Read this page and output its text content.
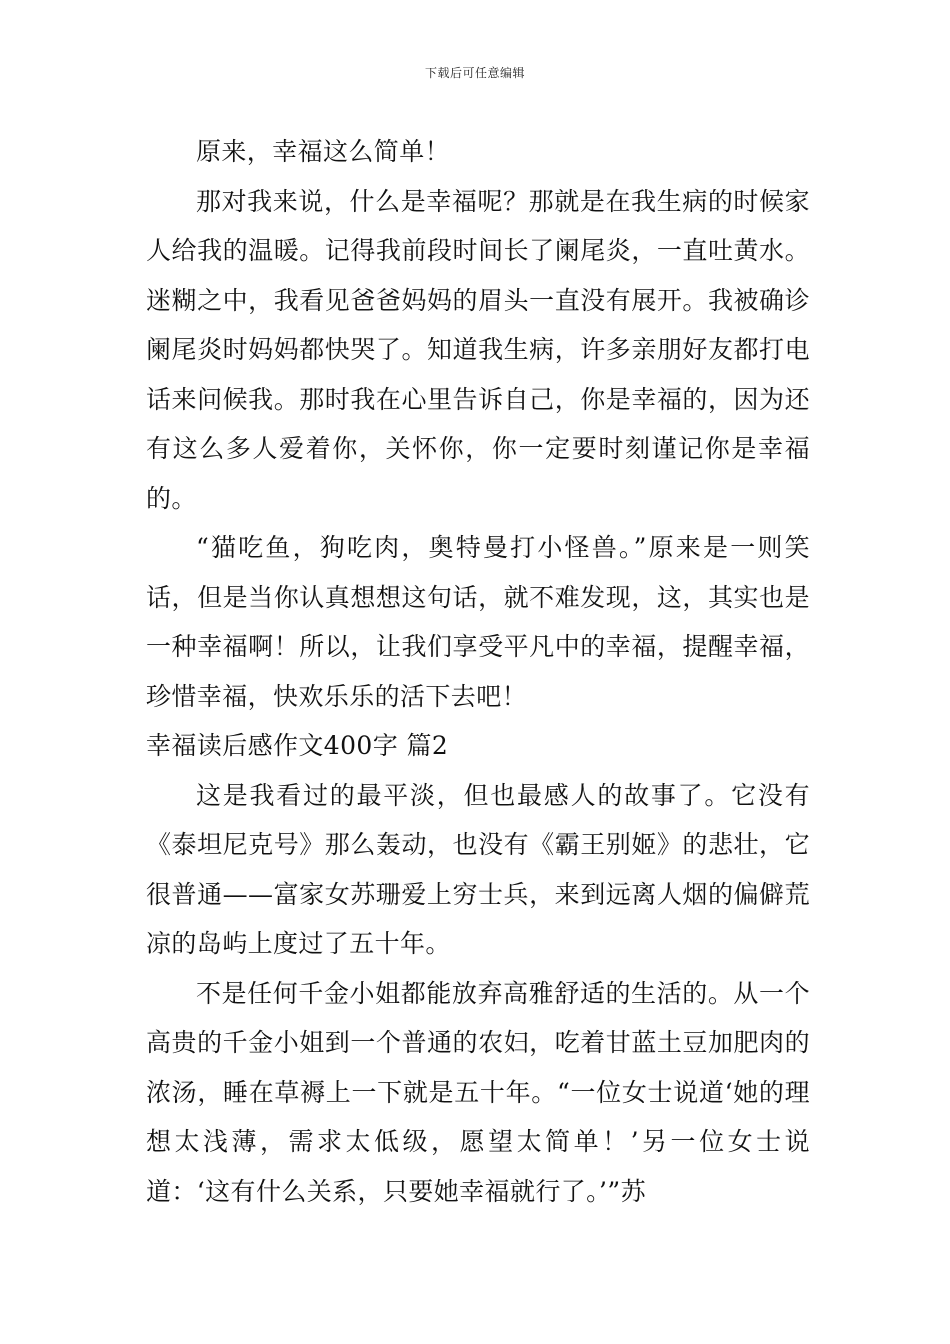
下载后可任意编辑

原来，幸福这么简单！

那对我来说，什么是幸福呢？那就是在我生病的时候家人给我的温暖。记得我前段时间长了阑尾炎，一直吐黄水。迷糊之中，我看见爸爸妈妈的眉头一直没有展开。我被确诊阑尾炎时妈妈都快哭了。知道我生病，许多亲朋好友都打电话来问候我。那时我在心里告诉自己，你是幸福的，因为还有这么多人爱着你，关怀你，你一定要时刻谨记你是幸福的。

“猫吃鱼，狗吃肉，奥特曼打小怪兽。”原来是一则笑话，但是当你认真想想这句话，就不难发现，这，其实也是一种幸福啊！所以，让我们享受平凡中的幸福，提醒幸福，珍惜幸福，快欢乐乐的活下去吧！

幸福读后感作文400字 篇2

这是我看过的最平淡，但也最感人的故事了。它没有《泰坦尼克号》那么轰动，也没有《霸王别姬》的悲壮，它很普通——富家女苏珊爱上穷士兵，来到远离人烟的偏僻荒凉的岛屿上度过了五十年。

不是任何千金小姐都能放弃高雅舒适的生活的。从一个高贵的千金小姐到一个普通的农妇，吃着甘蓝土豆加肥肉的浓汤，睡在草褥上一下就是五十年。“一位女士说道‘她的理想太浅薄，需求太低级，愿望太简单！’另一位女士说道：‘这有什么关系，只要她幸福就行了。’”苏
